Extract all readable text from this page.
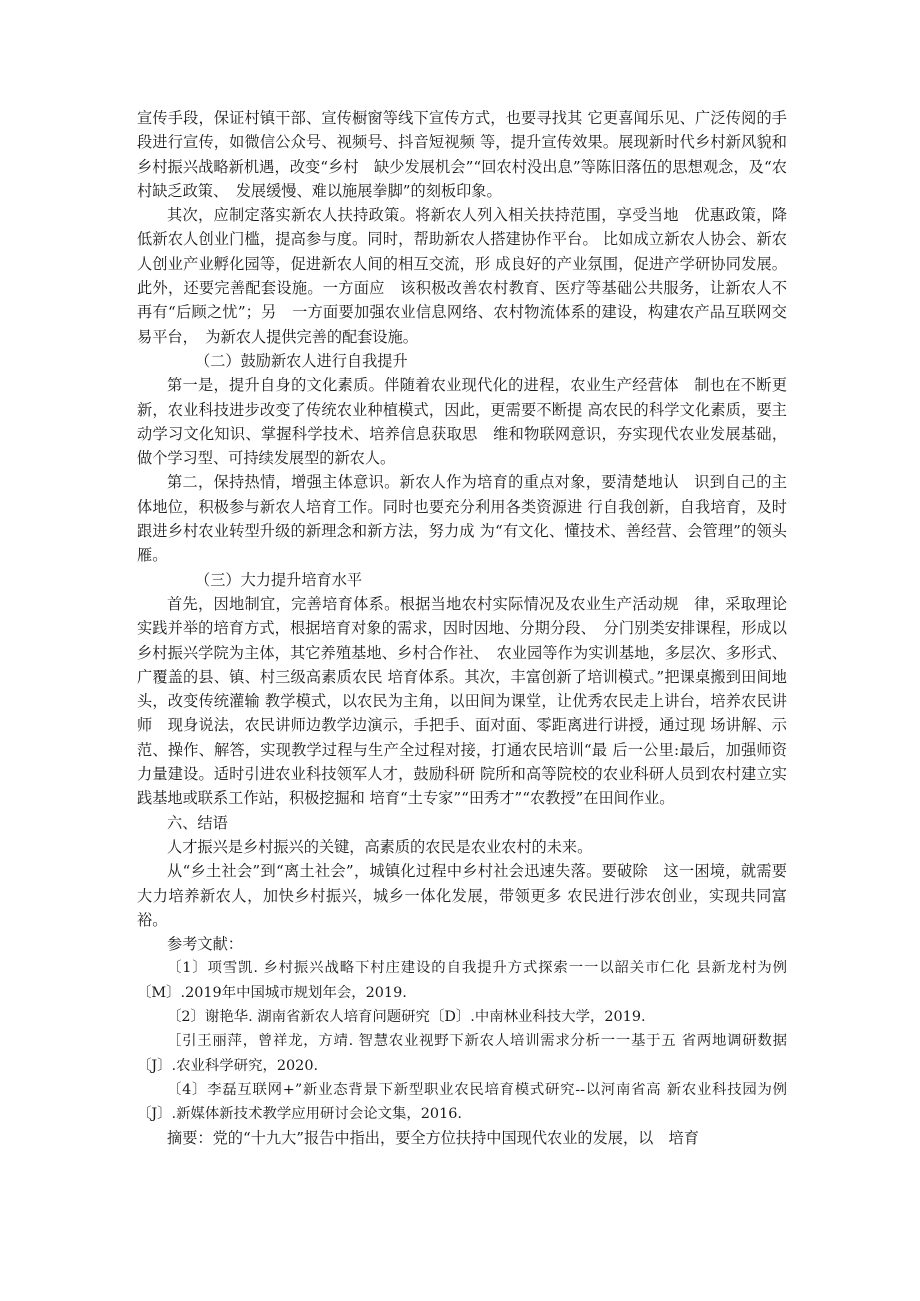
宣传手段，保证村镇干部、宣传橱窗等线下宣传方式，也要寻找其 它更喜闻乐见、广泛传阅的手段进行宣传，如微信公众号、视频号、抖音短视频 等，提升宣传效果。展现新时代乡村新风貌和乡村振兴战略新机遇，改变“乡村　缺少发展机会”“回农村没出息”等陈旧落伍的思想观念，及“农村缺乏政策、　发展缓慢、难以施展拳脚”的刻板印象。

其次，应制定落实新农人扶持政策。将新农人列入相关扶持范围，享受当地　优惠政策，降低新农人创业门槛，提高参与度。同时，帮助新农人搭建协作平台。 比如成立新农人协会、新农人创业产业孵化园等，促进新农人间的相互交流，形 成良好的产业氛围，促进产学研协同发展。此外，还要完善配套设施。一方面应　该积极改善农村教育、医疗等基础公共服务，让新农人不再有“后顾之忧”；另　一方面要加强农业信息网络、农村物流体系的建设，构建农产品互联网交易平台，　为新农人提供完善的配套设施。

（二）鼓励新农人进行自我提升

第一是，提升自身的文化素质。伴随着农业现代化的进程，农业生产经营体　制也在不断更新，农业科技进步改变了传统农业种植模式，因此，更需要不断提 高农民的科学文化素质，要主动学习文化知识、掌握科学技术、培养信息获取思　维和物联网意识，夯实现代农业发展基础，做个学习型、可持续发展型的新农人。

第二，保持热情，增强主体意识。新农人作为培育的重点对象，要清楚地认　识到自己的主体地位，积极参与新农人培育工作。同时也要充分利用各类资源进 行自我创新，自我培育，及时跟进乡村农业转型升级的新理念和新方法，努力成 为“有文化、懂技术、善经营、会管理”的领头雁。

（三）大力提升培育水平

首先，因地制宜，完善培育体系。根据当地农村实际情况及农业生产活动规　律，采取理论实践并举的培育方式，根据培育对象的需求，因时因地、分期分段、　分门别类安排课程，形成以乡村振兴学院为主体，其它养殖基地、乡村合作社、　农业园等作为实训基地，多层次、多形式、广覆盖的县、镇、村三级高素质农民 培育体系。其次，丰富创新了培训模式。”把课桌搬到田间地头，改变传统灌输 教学模式，以农民为主角，以田间为课堂，让优秀农民走上讲台，培养农民讲师　现身说法，农民讲师边教学边演示，手把手、面对面、零距离进行讲授，通过现 场讲解、示范、操作、解答，实现教学过程与生产全过程对接，打通农民培训“最 后一公里:最后，加强师资力量建设。适时引进农业科技领军人才，鼓励科研 院所和高等院校的农业科研人员到农村建立实践基地或联系工作站，积极挖掘和 培育“土专家”“田秀才”“农教授”在田间作业。

六、结语

人才振兴是乡村振兴的关键，高素质的农民是农业农村的未来。

从“乡土社会”到“离土社会”，城镇化过程中乡村社会迅速失落。要破除　这一困境，就需要大力培养新农人，加快乡村振兴，城乡一体化发展，带领更多 农民进行涉农创业，实现共同富裕。

参考文献：

〔1〕项雪凯. 乡村振兴战略下村庄建设的自我提升方式探索一一以韶关市仁化 县新龙村为例〔M〕.2019年中国城市规划年会，2019.

〔2〕谢艳华. 湖南省新农人培育问题研究〔D〕.中南林业科技大学，2019.

［引王丽萍，曾祥龙，方靖. 智慧农业视野下新农人培训需求分析一一基于五 省两地调研数据〔J〕.农业科学研究，2020.

〔4〕李磊互联网+”新业态背景下新型职业农民培育模式研究--以河南省高 新农业科技园为例〔J〕.新媒体新技术教学应用研讨会论文集，2016.

摘要：党的“十九大”报告中指出，要全方位扶持中国现代农业的发展，以　培育
